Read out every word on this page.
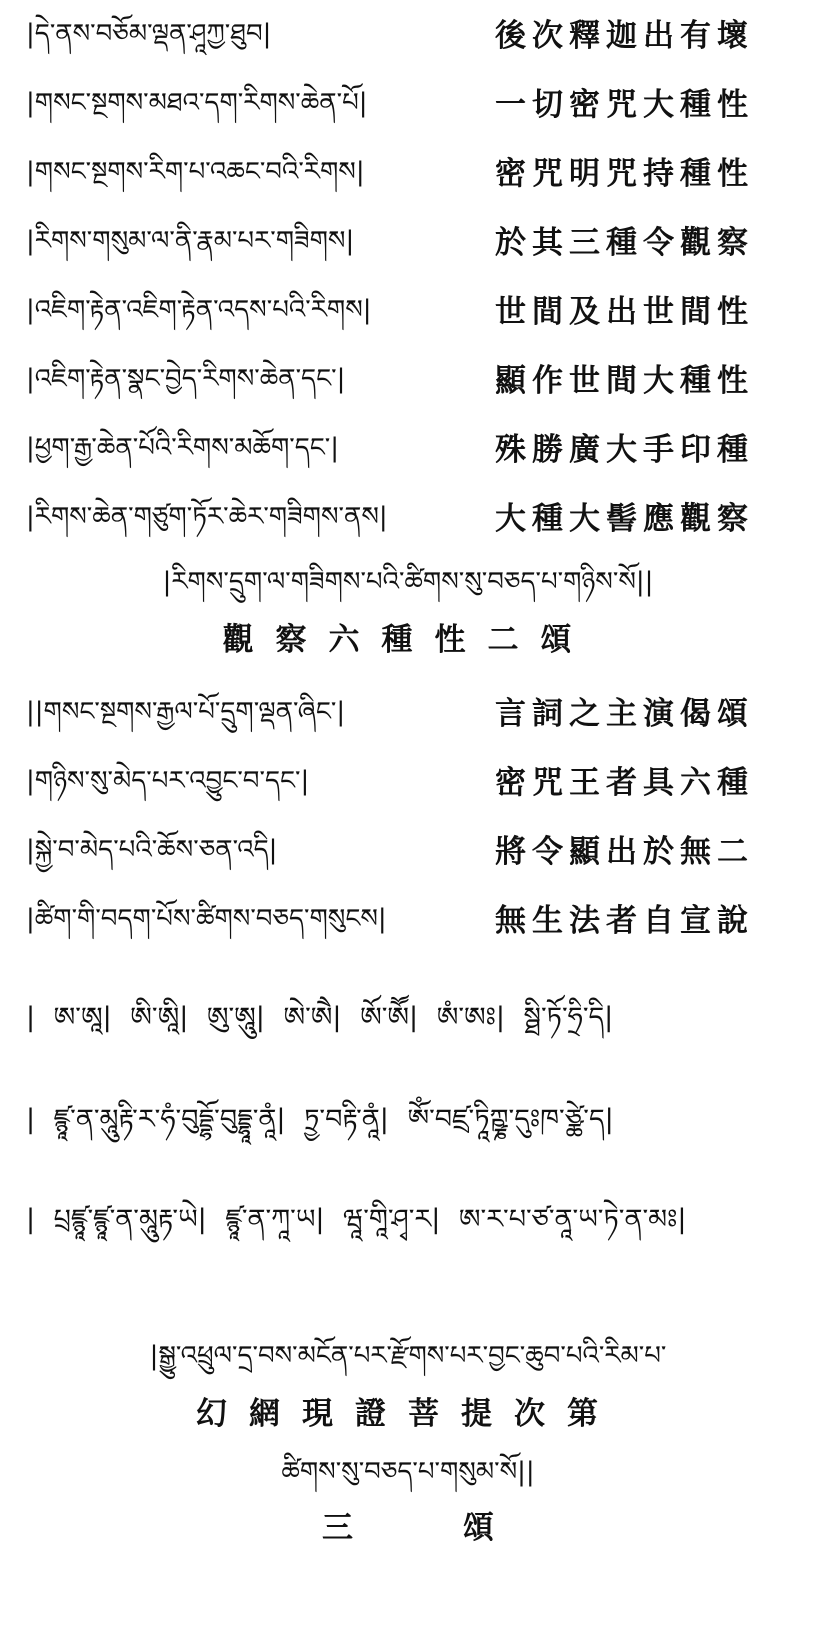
|དེ་ནས་བཅོམ་ལྡན་ཤཱཀྱ་ཐུབ|	後次釋迦出有壞
|གསང་སྔགས་མཐའ་དག་རིགས་ཆེན་པོ|	一切密咒大種性
|གསང་སྔགས་རིག་པ་འཆང་བའི་རིགས|	密咒明咒持種性
|རིགས་གསུམ་ལ་ནི་རྣམ་པར་གཟིགས|	於其三種令觀察
|འཇིག་རྟེན་འཇིག་རྟེན་འདས་པའི་རིགས|	世間及出世間性
|འཇིག་རྟེན་སྣང་བྱེད་རིགས་ཆེན་དང་|	顯作世間大種性
|ཕྱག་རྒྱ་ཆེན་པོའི་རིགས་མཆོག་དང་|	殊勝廣大手印種
|རིགས་ཆེན་གཙུག་ཏོར་ཆེར་གཟིགས་ནས|	大種大髻應觀察
|རིགས་དྲུག་ལ་གཟིགས་པའི་ཚིགས་སུ་བཅད་པ་གཉིས་སོ||
觀察六種性二頌
||གསང་སྔགས་རྒྱལ་པོ་དྲུག་ལྡན་ཞིང་|	言詞之主演偈頌
|གཉིས་སུ་མེད་པར་འབྱུང་བ་དང་|	密咒王者具六種
|སྐྱེ་བ་མེད་པའི་ཆོས་ཅན་འདི|	將令顯出於無二
|ཚིག་གི་བདག་པོས་ཚིགས་བཅད་གསུངས|	無生法者自宣說
| ཨ་ཨཱ| ཨི་ཨཱི| ཨུ་ཨཱུ| ཨེ་ཨཻ| ཨོ་ཨཽ| ཨཾ་ཨཿ| སྠི་ཏོ་ཧྲི་དི|
| ཛྙཱ་ན་མཱུརྟི་ར་ཧཾ་བུདྡྷོ་བུདྡྷཱ་ནཱཾ| ཏྲྱ་བརྟི་ནཱཾ| ཨོཾ་བཛྲ་ཏཱིཀྵྞ་དུཿཁ་ཙྪེ་ད|
| པྲཛྙཱ་ཛྙཱ་ན་མཱུརྟ་ཡེ| ཛྙཱ་ན་ཀཱ་ཡ| ཝཱ་གཱི་ཤྭ་ར| ཨ་ར་པ་ཙ་ནཱ་ཡ་ཏེ་ན་མཿ|
|སྒྱུ་འཕྲུལ་དྲ་བས་མངོན་པར་རྫོགས་པར་བྱང་ཆུབ་པའི་རིམ་པ་
幻網現證菩提次第
ཚིགས་སུ་བཅད་པ་གསུམ་སོ||
三頌
